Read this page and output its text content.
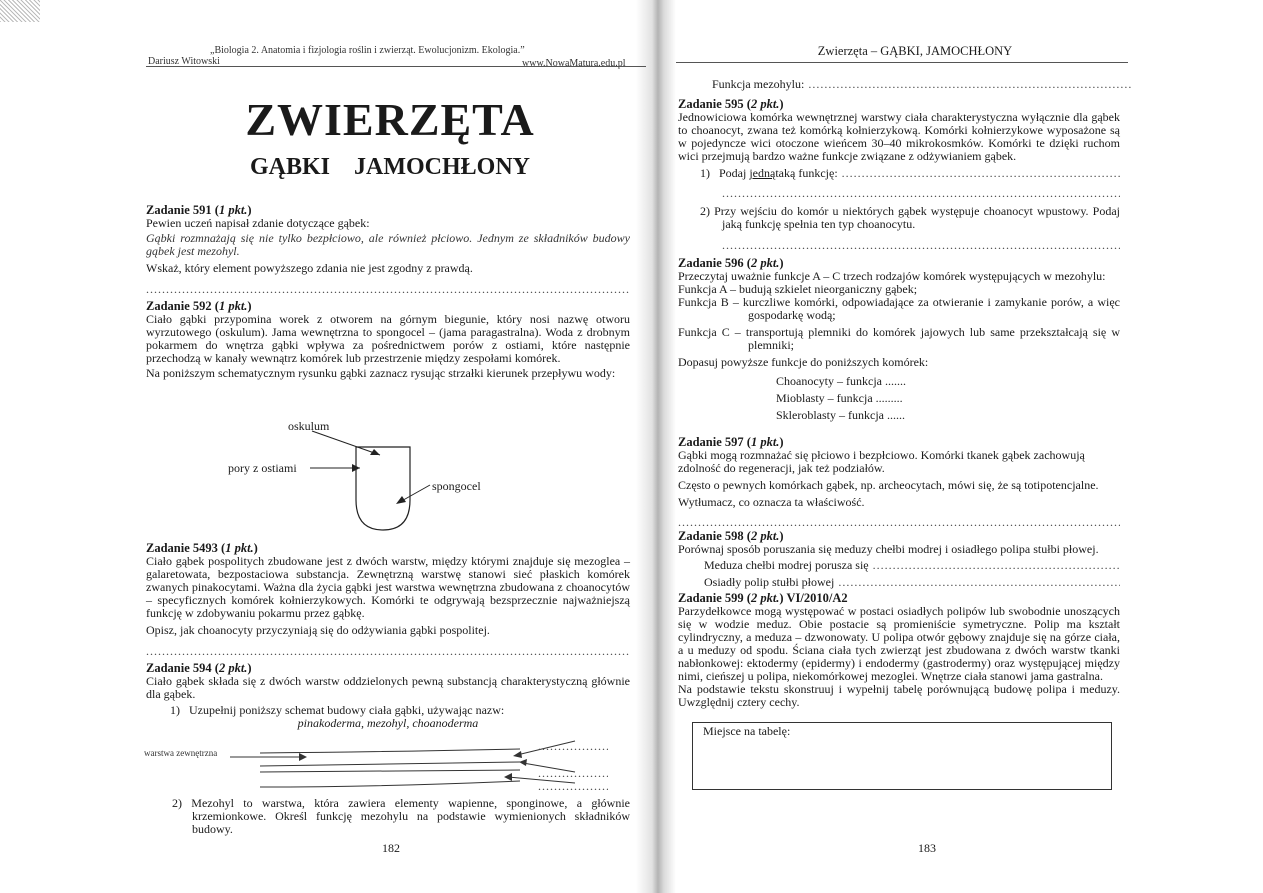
„Biologia 2. Anatomia i fizjologia roślin i zwierząt. Ewolucjonizm. Ekologia.”
Dariusz Witowski	www.NowaMatura.edu.pl
ZWIERZĘTA
GĄBKI    JAMOCHŁONY
Zadanie 591 (1 pkt.)
Pewien uczeń napisał zdanie dotyczące gąbek:
Gąbki rozmnażają się nie tylko bezpłciowo, ale również płciowo. Jednym ze składników budowy gąbek jest mezohyl.
Wskaż, który element powyższego zdania nie jest zgodny z prawdą.
.....
Zadanie 592 (1 pkt.)
Ciało gąbki przypomina worek z otworem na górnym biegunie, który nosi nazwę otworu wyrzutowego (oskulum). Jama wewnętrzna to spongocel – (jama paragastralna). Woda z drobnym pokarmem do wnętrza gąbki wpływa za pośrednictwem porów z ostiami, które następnie przechodzą w kanały wewnątrz komórek lub przestrzenie między zespołami komórek.
Na poniższym schematycznym rysunku gąbki zaznacz rysując strzałki kierunek przepływu wody:
oskulum
pory z ostiami
spongocel
Zadanie 5493 (1 pkt.)
Ciało gąbek pospolitych zbudowane jest z dwóch warstw, między którymi znajduje się mezoglea – galaretowata, bezpostaciowa substancja. Zewnętrzną warstwę stanowi sieć płaskich komórek zwanych pinakocytami. Ważna dla życia gąbki jest warstwa wewnętrzna zbudowana z choanocytów – specyficznych komórek kołnierzykowych. Komórki te odgrywają bezsprzecznie najważniejszą funkcję w zdobywaniu pokarmu przez gąbkę.
Opisz, jak choanocyty przyczyniają się do odżywiania gąbki pospolitej.
.....
Zadanie 594 (2 pkt.)
Ciało gąbek składa się z dwóch warstw oddzielonych pewną substancją charakterystyczną głównie dla gąbek.
1)   Uzupełnij poniższy schemat budowy ciała gąbki, używając nazw:
pinakoderma, mezohyl, choanoderma
warstwa zewnętrzna
.....
.....
.....
2) Mezohyl to warstwa, która zawiera elementy wapienne, sponginowe, a głównie krzemionkowe. Określ funkcję mezohylu na podstawie wymienionych składników budowy.
182
Zwierzęta – GĄBKI, JAMOCHŁONY
Funkcja mezohylu:
.....
Zadanie 595 (2 pkt.)
Jednowiciowa komórka wewnętrznej warstwy ciała charakterystyczna wyłącznie dla gąbek to choanocyt, zwana też komórką kołnierzykową. Komórki kołnierzykowe wyposażone są w pojedyncze wici otoczone wieńcem 30–40 mikrokosmków. Komórki te dzięki ruchom wici przejmują bardzo ważne funkcje związane z odżywianiem gąbek.
1)   Podaj jedną taką funkcję:
.....
.....
2) Przy wejściu do komór u niektórych gąbek występuje choanocyt wpustowy. Podaj jaką funkcję spełnia ten typ choanocytu.
.....
Zadanie 596 (2 pkt.)
Przeczytaj uważnie funkcje A – C trzech rodzajów komórek występujących w mezohylu:
Funkcja A – budują szkielet nieorganiczny gąbek;
Funkcja B – kurczliwe komórki, odpowiadające za otwieranie i zamykanie porów, a więc gospodarkę wodą;
Funkcja C – transportują plemniki do komórek jajowych lub same przekształcają się w plemniki;
Dopasuj powyższe funkcje do poniższych komórek:
Choanocyty – funkcja .......
Mioblasty – funkcja .........
Skleroblasty – funkcja ......
Zadanie 597 (1 pkt.)
Gąbki mogą rozmnażać się płciowo i bezpłciowo. Komórki tkanek gąbek zachowują zdolność do regeneracji, jak też podziałów.
Często o pewnych komórkach gąbek, np. archeocytach, mówi się, że są totipotencjalne.
Wytłumacz, co oznacza ta właściwość.
.....
Zadanie 598 (2 pkt.)
Porównaj sposób poruszania się meduzy chełbi modrej i osiadłego polipa stułbi płowej.
Meduza chełbi modrej porusza się
.....
Osiadły polip stułbi płowej
.....
Zadanie 599 (2 pkt.) VI/2010/A2
Parzydełkowce mogą występować w postaci osiadłych polipów lub swobodnie unoszących się w wodzie meduz. Obie postacie są promieniście symetryczne. Polip ma kształt cylindryczny, a meduza – dzwonowaty. U polipa otwór gębowy znajduje się na górze ciała, a u meduzy od spodu. Ściana ciała tych zwierząt jest zbudowana z dwóch warstw tkanki nabłonkowej: ektodermy (epidermy) i endodermy (gastrodermy) oraz występującej między nimi, cieńszej u polipa, niekomórkowej mezoglei. Wnętrze ciała stanowi jama gastralna.
Na podstawie tekstu skonstruuj i wypełnij tabelę porównującą budowę polipa i meduzy. Uwzględnij cztery cechy.
Miejsce na tabelę:
183
